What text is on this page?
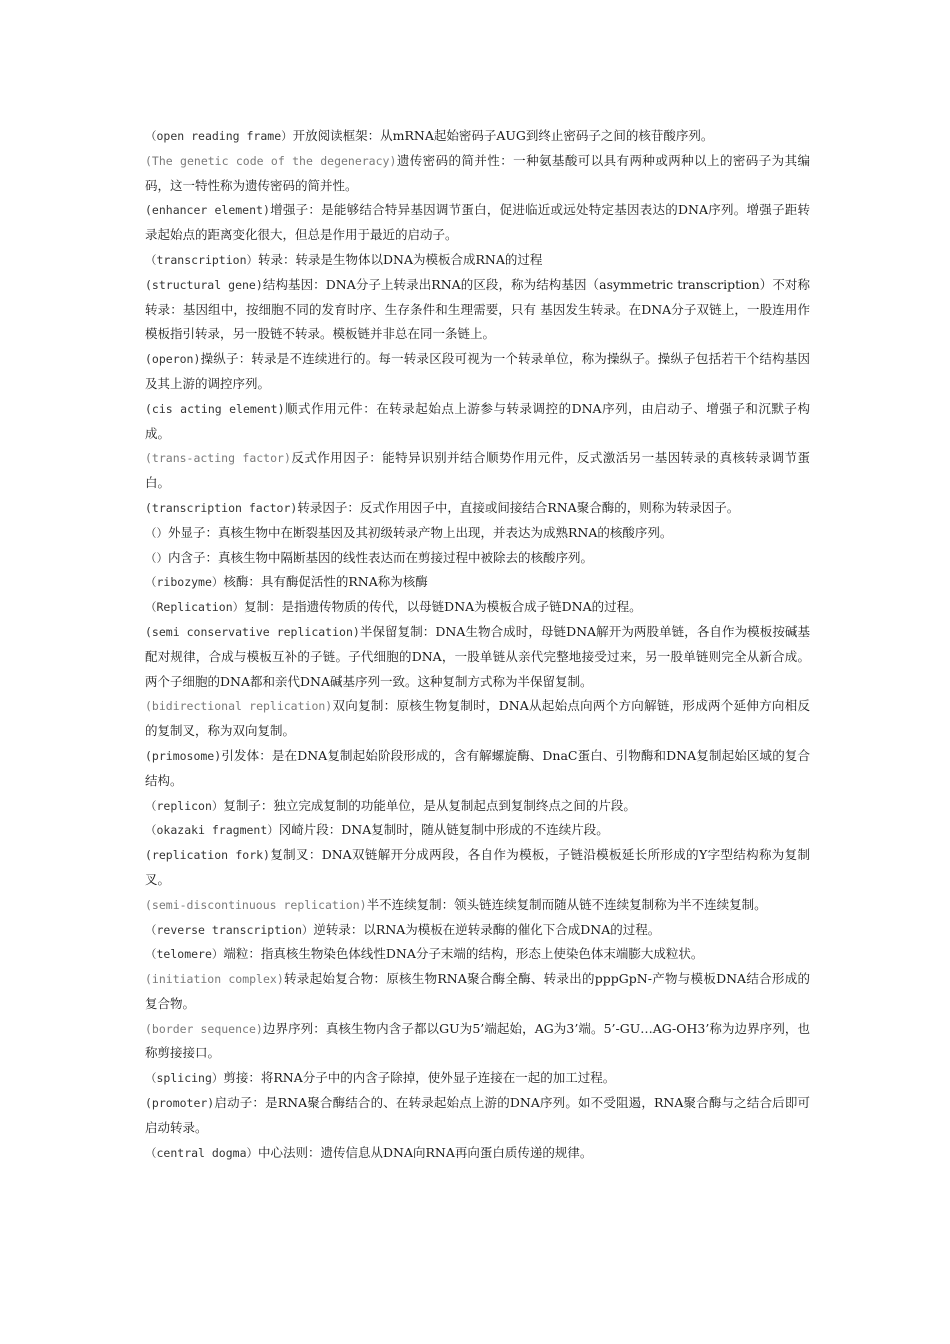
（open reading frame）开放阅读框架：从mRNA起始密码子AUG到终止密码子之间的核苷酸序列。

(The genetic code of the degeneracy)遗传密码的简并性：一种氨基酸可以具有两种或两种以上的密码子为其编码，这一特性称为遗传密码的简并性。

(enhancer element)增强子：是能够结合特异基因调节蛋白，促进临近或远处特定基因表达的DNA序列。增强子距转录起始点的距离变化很大，但总是作用于最近的启动子。

（transcription）转录：转录是生物体以DNA为模板合成RNA的过程

(structural gene)结构基因：DNA分子上转录出RNA的区段，称为结构基因（asymmetric transcription）不对称转录：基因组中，按细胞不同的发育时序、生存条件和生理需要，只有 基因发生转录。在DNA分子双链上，一股连用作模板指引转录，另一股链不转录。模板链并非总在同一条链上。

(operon)操纵子：转录是不连续进行的。每一转录区段可视为一个转录单位，称为操纵子。操纵子包括若干个结构基因及其上游的调控序列。

(cis acting element)顺式作用元件：在转录起始点上游参与转录调控的DNA序列，由启动子、增强子和沉默子构成。

(trans-acting factor)反式作用因子：能特异识别并结合顺势作用元件，反式激活另一基因转录的真核转录调节蛋白。

(transcription factor)转录因子：反式作用因子中，直接或间接结合RNA聚合酶的，则称为转录因子。

（）外显子：真核生物中在断裂基因及其初级转录产物上出现，并表达为成熟RNA的核酸序列。

（）内含子：真核生物中隔断基因的线性表达而在剪接过程中被除去的核酸序列。

（ribozyme）核酶：具有酶促活性的RNA称为核酶

（Replication）复制：是指遗传物质的传代，以母链DNA为模板合成子链DNA的过程。

(semi conservative replication)半保留复制：DNA生物合成时，母链DNA解开为两股单链，各自作为模板按碱基配对规律，合成与模板互补的子链。子代细胞的DNA，一股单链从亲代完整地接受过来，另一股单链则完全从新合成。两个子细胞的DNA都和亲代DNA碱基序列一致。这种复制方式称为半保留复制。

(bidirectional replication)双向复制：原核生物复制时，DNA从起始点向两个方向解链，形成两个延伸方向相反的复制叉，称为双向复制。

(primosome)引发体：是在DNA复制起始阶段形成的，含有解螺旋酶、DnaC蛋白、引物酶和DNA复制起始区域的复合结构。

（replicon）复制子：独立完成复制的功能单位，是从复制起点到复制终点之间的片段。

（okazaki fragment）冈崎片段：DNA复制时，随从链复制中形成的不连续片段。

(replication fork)复制叉：DNA双链解开分成两段，各自作为模板，子链沿模板延长所形成的Y字型结构称为复制叉。

(semi-discontinuous replication)半不连续复制：领头链连续复制而随从链不连续复制称为半不连续复制。

（reverse transcription）逆转录：以RNA为模板在逆转录酶的催化下合成DNA的过程。

（telomere）端粒：指真核生物染色体线性DNA分子末端的结构，形态上使染色体末端膨大成粒状。

(initiation complex)转录起始复合物：原核生物RNA聚合酶全酶、转录出的pppGpN-产物与模板DNA结合形成的复合物。

(border sequence)边界序列：真核生物内含子都以GU为5’端起始，AG为3’端。5’-GU…AG-OH3’称为边界序列，也称剪接接口。

（splicing）剪接：将RNA分子中的内含子除掉，使外显子连接在一起的加工过程。

(promoter)启动子：是RNA聚合酶结合的、在转录起始点上游的DNA序列。如不受阻遏，RNA聚合酶与之结合后即可启动转录。

（central dogma）中心法则：遗传信息从DNA向RNA再向蛋白质传递的规律。
